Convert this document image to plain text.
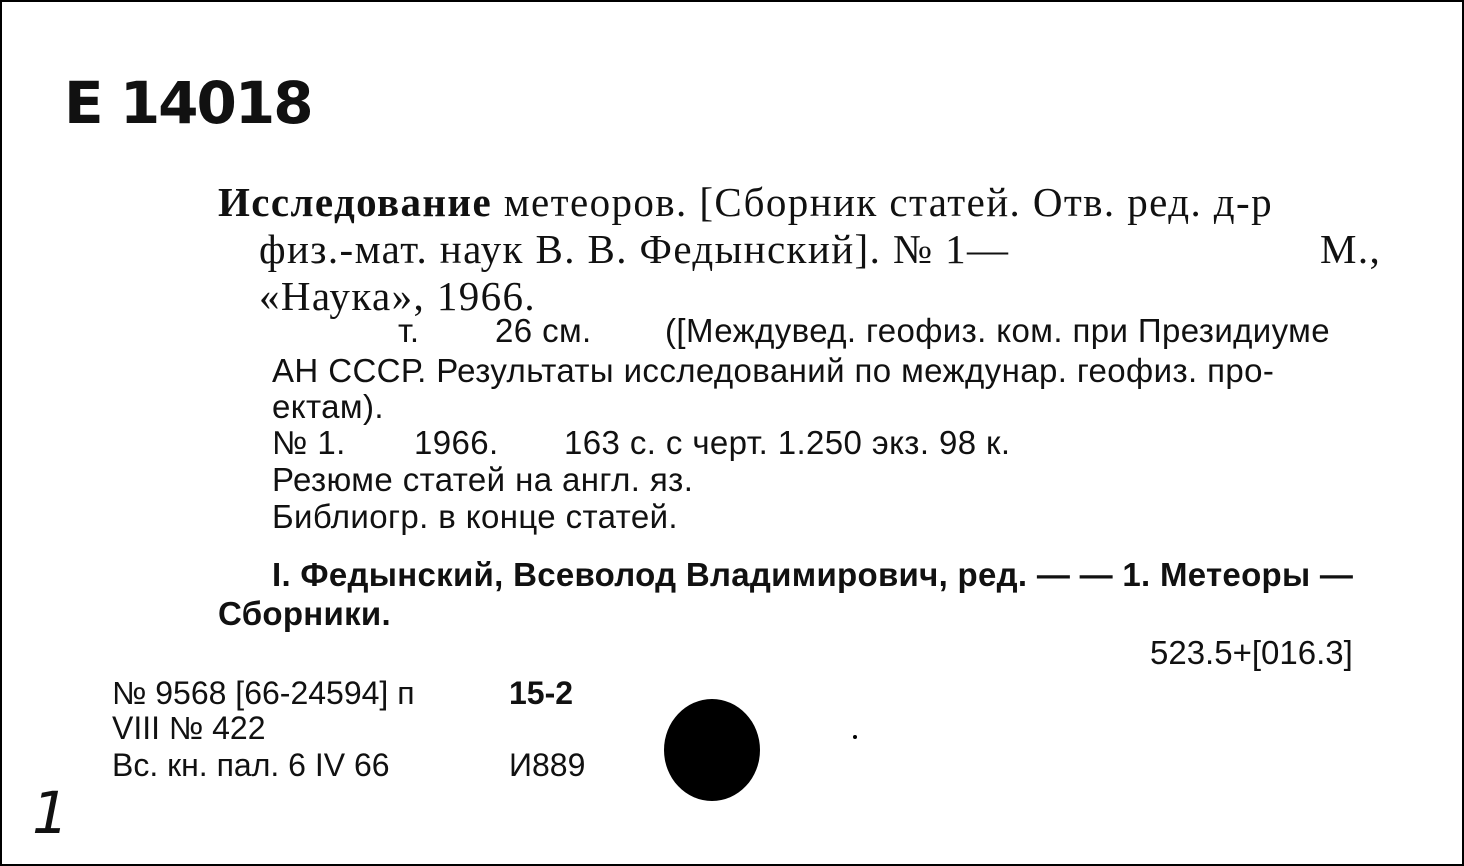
Е 14018
Исследование метеоров. [Сборник статей. Отв. ред. д-р
физ.-мат. наук В. В. Федынский]. № 1—	М.,
«Наука», 1966.
т. 26 см. ([Междувед. геофиз. ком. при Президиуме
АН СССР. Результаты исследований по междунар. геофиз. про-
ектам).
№ 1. 1966. 163 с. с черт. 1.250 экз. 98 к.
Резюме статей на англ. яз.
Библиогр. в конце статей.
I. Федынский, Всеволод Владимирович, ред. — — 1. Метеоры —
Сборники.
523.5+[016.3]
№ 9568 [66-24594] п	15-2
VIII № 422
Вс. кн. пал. 6 IV 66	И889
1
